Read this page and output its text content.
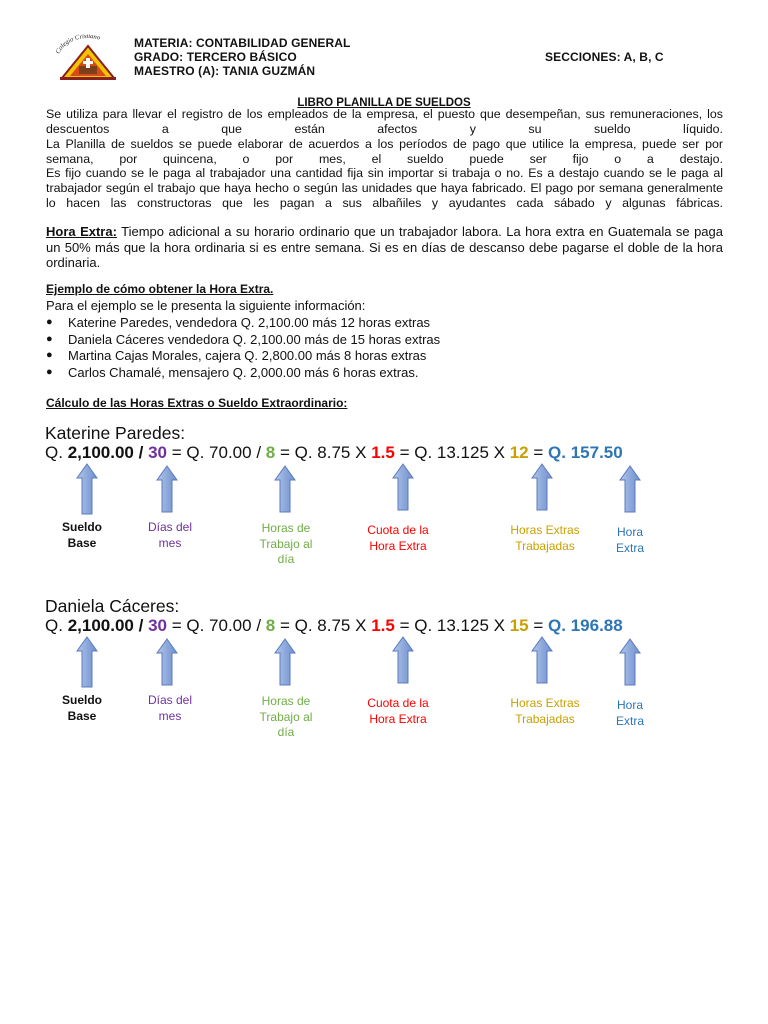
Colegio Cristiano	MATERIA: CONTABILIDAD GENERAL
GRADO: TERCERO BÁSICO
MAESTRO (A): TANIA GUZMÁN
SECCIONES: A, B, C
LIBRO PLANILLA DE SUELDOS
Se utiliza para llevar el registro de los empleados de la empresa, el puesto que desempeñan, sus remuneraciones, los descuentos a que están afectos y su sueldo líquido.
La Planilla de sueldos se puede elaborar de acuerdos a los períodos de pago que utilice la empresa, puede ser por semana, por quincena, o por mes, el sueldo puede ser fijo o a destajo.
Es fijo cuando se le paga al trabajador una cantidad fija sin importar si trabaja o no. Es a destajo cuando se le paga al trabajador según el trabajo que haya hecho o según las unidades que haya fabricado. El pago por semana generalmente lo hacen las constructoras que les pagan a sus albañiles y ayudantes cada sábado y algunas fábricas.
Hora Extra: Tiempo adicional a su horario ordinario que un trabajador labora. La hora extra en Guatemala se paga un 50% más que la hora ordinaria si es entre semana. Si es en días de descanso debe pagarse el doble de la hora ordinaria.
Ejemplo de cómo obtener la Hora Extra.
Para el ejemplo se le presenta la siguiente información:
● Katerine Paredes, vendedora Q. 2,100.00 más 12 horas extras
● Daniela Cáceres vendedora Q. 2,100.00 más de 15 horas extras
● Martina Cajas Morales, cajera Q. 2,800.00 más 8 horas extras
● Carlos Chamalé, mensajero Q. 2,000.00 más 6 horas extras.
Cálculo de las Horas Extras o Sueldo Extraordinario:
Katerine Paredes:
Q. 2,100.00 / 30 = Q. 70.00 / 8 = Q. 8.75 X 1.5 = Q. 13.125 X 12 = Q. 157.50
Sueldo
Base
Días del
mes
Horas de
Trabajo al
día
Cuota de la
Hora Extra
Horas Extras
Trabajadas
Hora
Extra
Daniela Cáceres:
Q. 2,100.00 / 30 = Q. 70.00 / 8 = Q. 8.75 X 1.5 = Q. 13.125 X 15 = Q. 196.88
Sueldo
Base
Días del
mes
Horas de
Trabajo al
día
Cuota de la
Hora Extra
Horas Extras
Trabajadas
Hora
Extra
